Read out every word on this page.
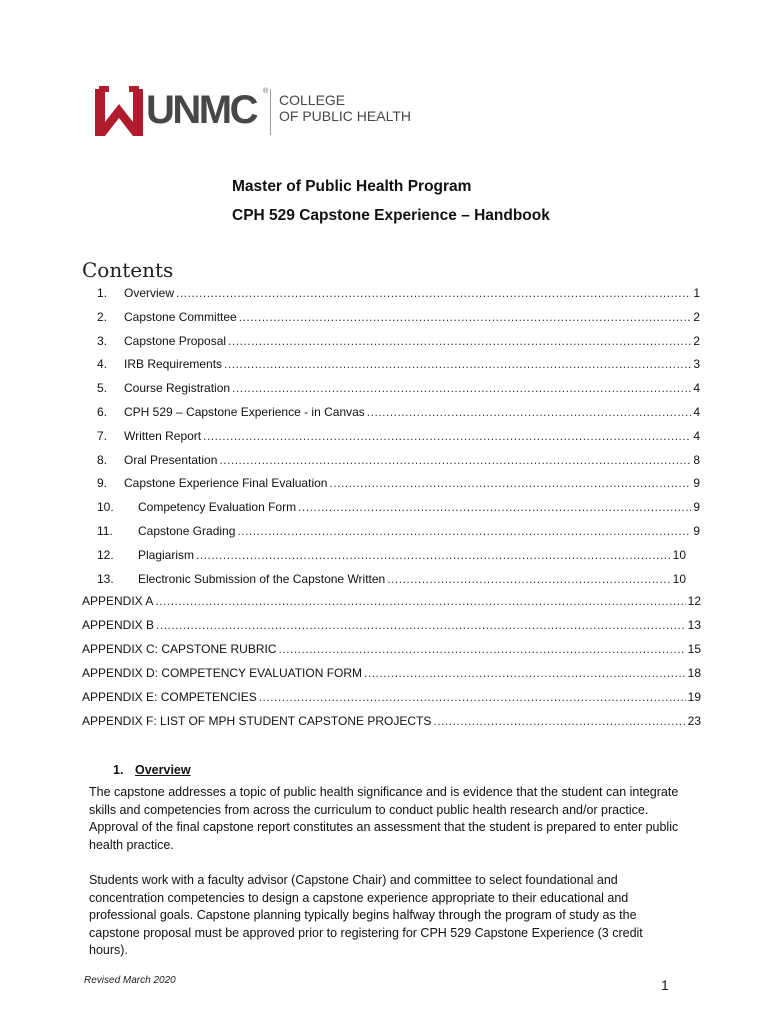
UNMC ®
COLLEGE
OF PUBLIC HEALTH
Master of Public Health Program
CPH 529 Capstone Experience – Handbook
Contents
1.	Overview .....	1
2.	Capstone Committee .....	2
3.	Capstone Proposal .....	2
4.	IRB Requirements .....	3
5.	Course Registration .....	4
6.	CPH 529 – Capstone Experience - in Canvas .....	4
7.	Written Report .....	4
8.	Oral Presentation .....	8
9.	Capstone Experience Final Evaluation .....	9
10.	Competency Evaluation Form .....	9
11.	Capstone Grading .....	9
12.	Plagiarism .....	10
13.	Electronic Submission of the Capstone Written .....	10
APPENDIX A .....	12
APPENDIX B .....	13
APPENDIX C: CAPSTONE RUBRIC .....	15
APPENDIX D: COMPETENCY EVALUATION FORM .....	18
APPENDIX E: COMPETENCIES .....	19
APPENDIX F: LIST OF MPH STUDENT CAPSTONE PROJECTS .....	23
1. Overview

The capstone addresses a topic of public health significance and is evidence that the student can integrate skills and competencies from across the curriculum to conduct public health research and/or practice. Approval of the final capstone report constitutes an assessment that the student is prepared to enter public health practice.

Students work with a faculty advisor (Capstone Chair) and committee to select foundational and concentration competencies to design a capstone experience appropriate to their educational and professional goals. Capstone planning typically begins halfway through the program of study as the capstone proposal must be approved prior to registering for CPH 529 Capstone Experience (3 credit hours).

Revised March 2020	1
